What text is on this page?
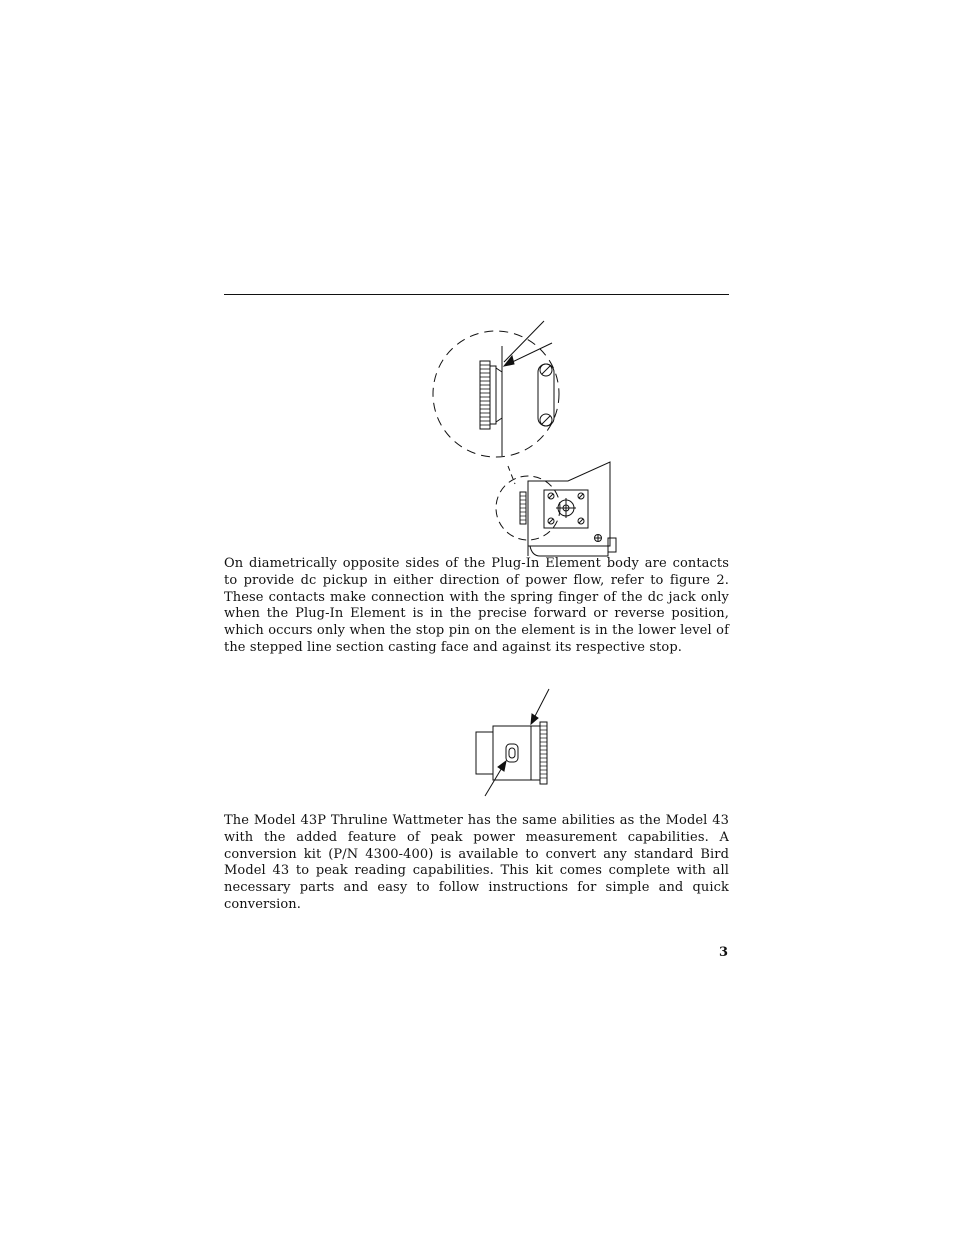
On diametrically opposite sides of the Plug-In Element body are contacts to provide dc pickup in either direction of power flow, refer to figure 2. These contacts make connection with the spring finger of the dc jack only when the Plug-In Element is in the precise forward or reverse position, which occurs only when the stop pin on the element is in the lower level of the stepped line section casting face and against its respective stop.

The Model 43P Thruline Wattmeter has the same abilities as the Model 43 with the added feature of peak power measurement capabilities. A conversion kit (P/N 4300-400) is available to convert any standard Bird Model 43 to peak reading capabilities. This kit comes complete with all necessary parts and easy to follow instructions for simple and quick conversion.

3
